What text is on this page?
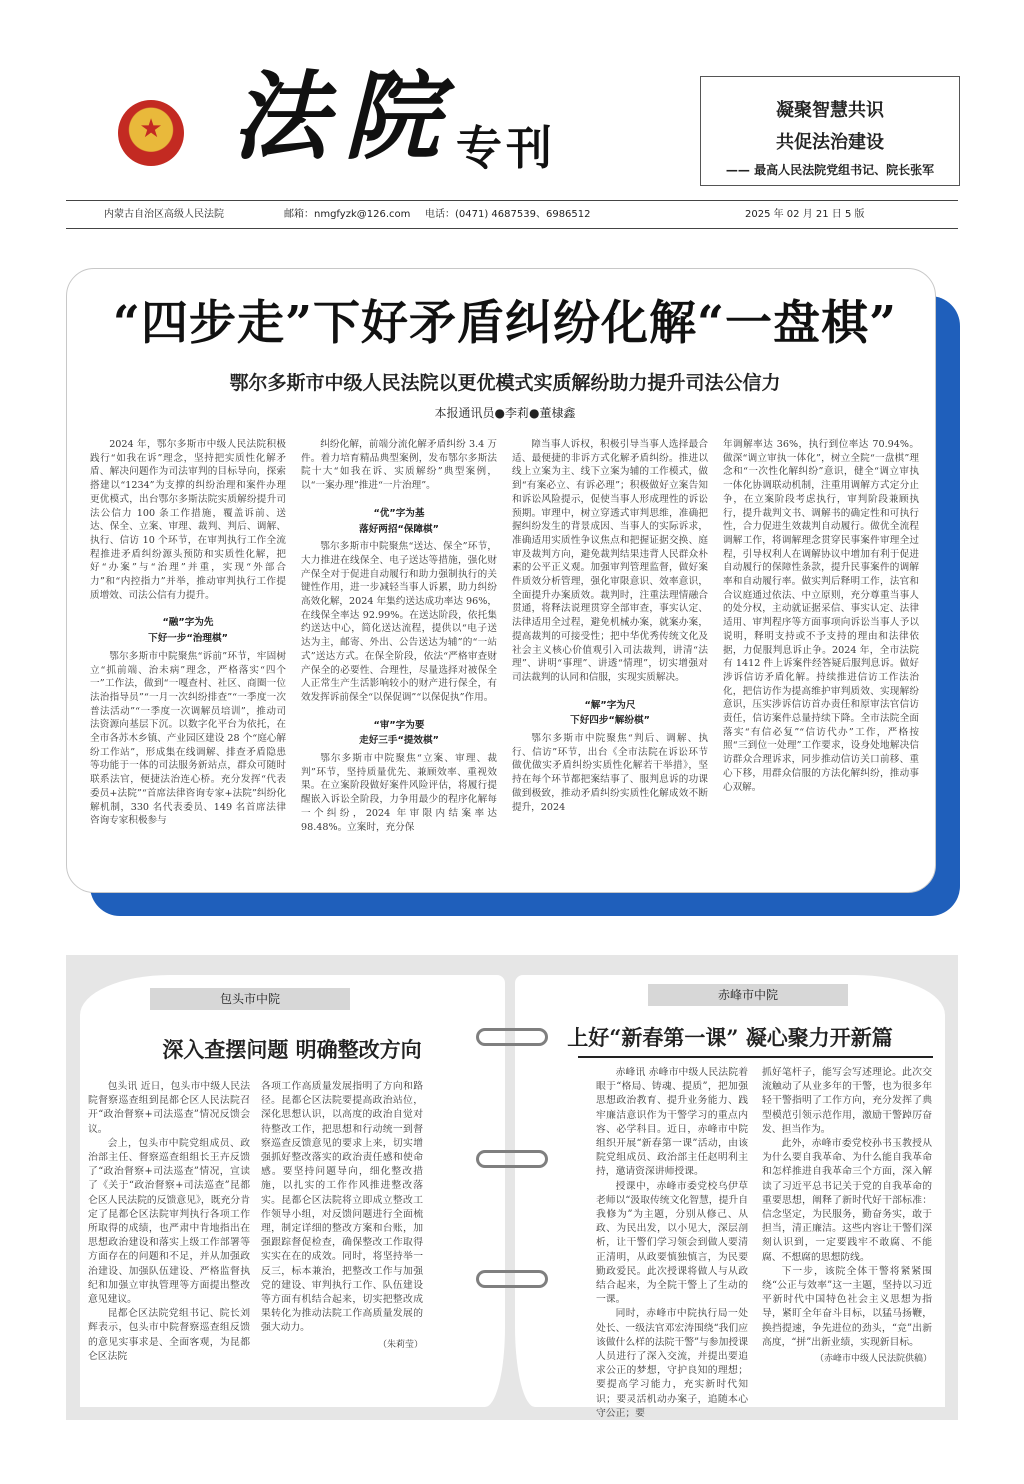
★ 法院 专刊
凝聚智慧共识
共促法治建设
—— 最高人民法院党组书记、院长张军
内蒙古自治区高级人民法院	邮箱：nmgfyzk@126.com 电话：(0471) 4687539、6986512	2025 年 02 月 21 日 5 版
“四步走”下好矛盾纠纷化解“一盘棋”
鄂尔多斯市中级人民法院以更优模式实质解纷助力提升司法公信力
本报通讯员●李莉●董棣鑫

2024 年，鄂尔多斯市中级人民法院积极践行“如我在诉”理念，坚持把实质性化解矛盾、解决问题作为司法审判的目标导向，探索搭建以“1234”为支撑的纠纷治理和案件办理更优模式，出台鄂尔多斯法院实质解纷提升司法公信力 100 条工作措施，覆盖诉前、送达、保全、立案、审理、裁判、判后、调解、执行、信访 10 个环节，在审判执行工作全流程推进矛盾纠纷源头预防和实质性化解，把好“办案”与“治理”并重，实现“外部合力”和“内控指力”并举，推动审判执行工作提质增效、司法公信有力提升。

“融”字为先

下好一步“治理棋”

鄂尔多斯市中院聚焦“诉前”环节，牢固树立“抓前端、治未病”理念，严格落实“四个一”工作法，做到“一嘎查村、社区、商圈一位法治指导员”“一月一次纠纷排查”“一季度一次普法活动”“一季度一次调解员培训”，推动司法资源向基层下沉。以数字化平台为依托，在全市各苏木乡镇、产业园区建设 28 个“庭心解纷工作站”，形成集在线调解、排查矛盾隐患等功能于一体的司法服务新站点，群众可随时联系法官，便捷法治连心桥。充分发挥“代表委员+法院”“首席法律咨询专家+法院”纠纷化解机制，330 名代表委员、149 名首席法律咨询专家积极参与

纠纷化解，前端分流化解矛盾纠纷 3.4 万件。着力培育精品典型案例，发布鄂尔多斯法院十大“如我在诉、实质解纷”典型案例，以“一案办理”推进“一片治理”。

“优”字为基

落好两招“保障棋”

鄂尔多斯市中院聚焦“送达、保全”环节，大力推进在线保全、电子送达等措施，强化财产保全对于促进自动履行和助力强制执行的关键性作用，进一步减轻当事人诉累，助力纠纷高效化解，2024 年集约送达成功率达 96%，在线保全率达 92.99%。在送达阶段，依托集约送达中心，简化送达流程，提供以“电子送达为主，邮寄、外出、公告送达为辅”的“一站式”送达方式。在保全阶段，依法“严格审查财产保全的必要性、合理性，尽量选择对被保全人正常生产生活影响较小的财产进行保全，有效发挥诉前保全“以保促调”“以保促执”作用。

“审”字为要

走好三手“提效棋”

鄂尔多斯市中院聚焦“立案、审理、裁判”环节，坚持质量优先、兼顾效率、重视效果。在立案阶段做好案件风险评估，将履行提醒嵌入诉讼全阶段，力争用最少的程序化解每一个纠纷，2024 年审限内结案率达 98.48%。立案时，充分保

障当事人诉权，积极引导当事人选择最合适、最便捷的非诉方式化解矛盾纠纷。推进以线上立案为主、线下立案为辅的工作模式，做到“有案必立、有诉必理”；积极做好立案告知和诉讼风险提示，促使当事人形成理性的诉讼预期。审理中，树立穿透式审判思维，准确把握纠纷发生的背景成因、当事人的实际诉求，准确适用实质性争议焦点和把握证据交换、庭审及裁判方向，避免裁判结果违背人民群众朴素的公平正义观。加强审判管理监督，做好案件质效分析管理，强化审限意识、效率意识，全面提升办案质效。裁判时，注重法理情融合贯通，将释法说理贯穿全部审查，事实认定、法律适用全过程，避免机械办案，就案办案，提高裁判的可接受性；把中华优秀传统文化及社会主义核心价值观引入司法裁判，讲清“法理”、讲明“事理”、讲透“情理”，切实增强对司法裁判的认同和信服，实现实质解决。

“解”字为尺

下好四步“解纷棋”

鄂尔多斯市中院聚焦“判后、调解、执行、信访”环节，出台《全市法院在诉讼环节做优做实矛盾纠纷实质性化解若干举措》，坚持在每个环节都把案结事了、服判息诉的功课做到极致，推动矛盾纠纷实质性化解成效不断提升，2024

年调解率达 36%，执行到位率达 70.94%。做深“调立审执一体化”，树立全院“一盘棋”理念和“一次性化解纠纷”意识，健全“调立审执一体化协调联动机制，注重用调解方式定分止争，在立案阶段考虑执行，审判阶段兼顾执行，提升裁判文书、调解书的确定性和可执行性，合力促进生效裁判自动履行。做优全流程调解工作，将调解理念贯穿民事案件审理全过程，引导权利人在调解协议中增加有利于促进自动履行的保障性条款，提升民事案件的调解率和自动履行率。做实判后释明工作，法官和合议庭通过依法、中立原则，充分尊重当事人的处分权，主动就证据采信、事实认定、法律适用、审判程序等方面事项向诉讼当事人予以说明，释明支持或不予支持的理由和法律依据，力促服判息诉止争。2024 年，全市法院有 1412 件上诉案件经答疑后服判息诉。做好涉诉信访矛盾化解。持续推进信访工作法治化，把信访作为提高维护审判质效、实现解纷意识，压实涉诉信访首办责任和原审法官信访责任，信访案件总量持续下降。全市法院全面落实“有信必复”“信访代办”工作，严格按照“三到位一处理”工作要求，设身处地解决信访群众合理诉求，同步推动信访关口前移、重心下移，用群众信服的方法化解纠纷，推动事心双解。

包头市中院	赤峰市中院
深入查摆问题 明确整改方向	上好“新春第一课” 凝心聚力开新篇

包头讯 近日，包头市中级人民法院督察巡查组到昆都仑区人民法院召开“政治督察+司法巡查”情况反馈会议。

会上，包头市中院党组成员、政治部主任、督察巡查组组长王卉反馈了“政治督察+司法巡查”情况，宣读了《关于“政治督察+司法巡查”昆都仑区人民法院的反馈意见》，既充分肯定了昆都仑区法院审判执行各项工作所取得的成绩，也严肃中肯地指出在思想政治建设和落实上级工作部署等方面存在的问题和不足，并从加强政治建设、加强队伍建设、严格监督执纪和加强立审执管理等方面提出整改意见建议。

昆都仑区法院党组书记、院长刘辉表示，包头市中院督察巡查组反馈的意见实事求是、全面客观，为昆都仑区法院

各项工作高质量发展指明了方向和路径。昆都仑区法院要提高政治站位，深化思想认识，以高度的政治自觉对待整改工作，把思想和行动统一到督察巡查反馈意见的要求上来，切实增强抓好整改落实的政治责任感和使命感。要坚持问题导向，细化整改措施，以扎实的工作作风推进整改落实。昆都仑区法院将立即成立整改工作领导小组，对反馈问题进行全面梳理，制定详细的整改方案和台账，加强跟踪督促检查，确保整改工作取得实实在在的成效。同时，将坚持举一反三，标本兼治，把整改工作与加强党的建设、审判执行工作、队伍建设等方面有机结合起来，切实把整改成果转化为推动法院工作高质量发展的强大动力。

（朱莉莹）

赤峰讯 赤峰市中级人民法院着眼于“格局、铸魂、提质”，把加强思想政治教育、提升业务能力、践牢廉洁意识作为干警学习的重点内容、必学科目。近日，赤峰市中院组织开展“新春第一课”活动，由该院党组成员、政治部主任赵明利主持，邀请资深讲师授课。

授课中，赤峰市委党校乌伊草老师以“汲取传统文化智慧，提升自我修为”为主题，分别从修己、从政、为民出发，以小见大，深层剖析，让干警们学习领会到做人要清正清明，从政要慎独慎言，为民要勤政爱民。此次授课将做人与从政结合起来，为全院干警上了生动的一课。

同时，赤峰市中院执行局一处处长、一级法官邓宏涛围绕“我们应该做什么样的法院干警”与参加授课人员进行了深入交流，并提出要追求公正的梦想，守护良知的理想；要提高学习能力，充实新时代知识；要灵活机动办案子，追随本心守公正；要

抓好笔杆子，能写会写述理论。此次交流触动了从业多年的干警，也为很多年轻干警指明了工作方向，充分发挥了典型模范引领示范作用，激励干警踔厉奋发、担当作为。

此外，赤峰市委党校孙书玉教授从为什么要自我革命、为什么能自我革命和怎样推进自我革命三个方面，深入解读了习近平总书记关于党的自我革命的重要思想，阐释了新时代好干部标准：信念坚定，为民服务，勤奋务实，敢于担当，清正廉洁。这些内容让干警们深刻认识到，一定要践牢不敢腐、不能腐、不想腐的思想防线。

下一步，该院全体干警将紧紧围绕“公正与效率”这一主题，坚持以习近平新时代中国特色社会主义思想为指导，紧盯全年奋斗目标，以猛马扬鞭，换挡提速，争先进位的劲头，“竞”出新高度，“拼”出新业绩，实现新目标。

（赤峰市中级人民法院供稿）
